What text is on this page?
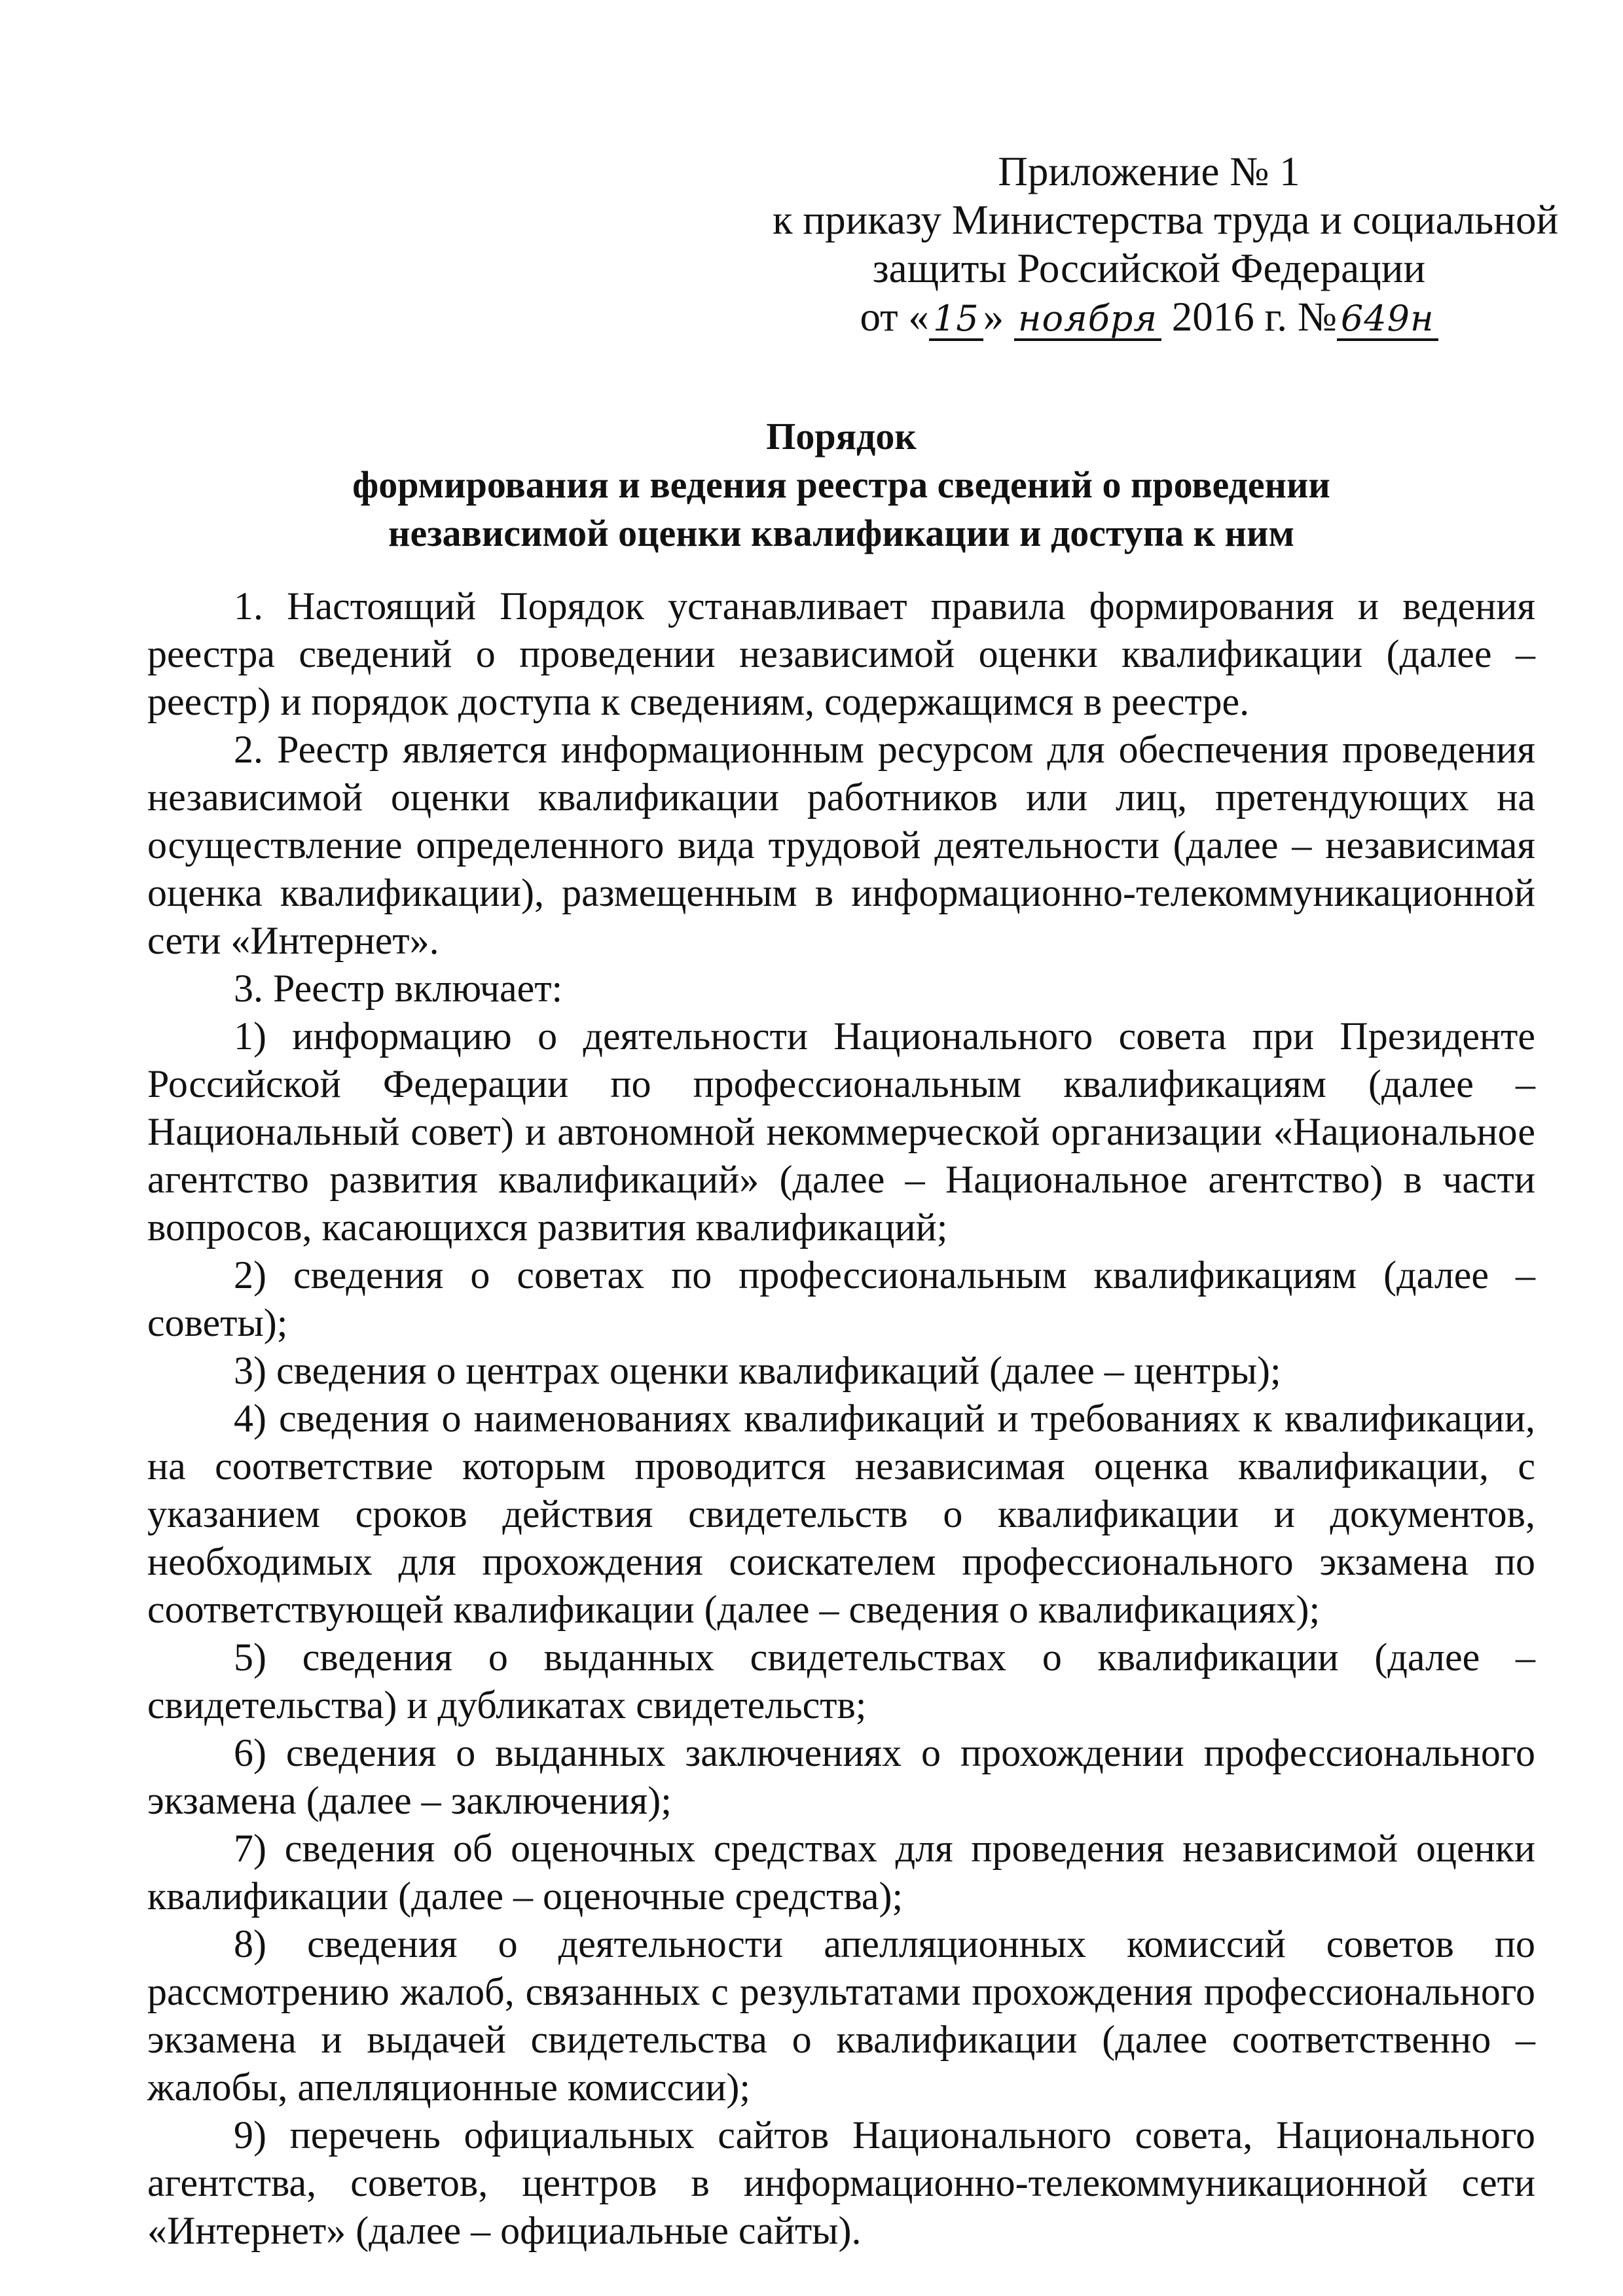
Приложение № 1
к приказу Министерства труда и социальной
защиты Российской Федерации
от « 15» ноября 2016 г. № 649н
Порядок
формирования и ведения реестра сведений о проведении
независимой оценки квалификации и доступа к ним

1. Настоящий Порядок устанавливает правила формирования и ведения реестра сведений о проведении независимой оценки квалификации (далее – реестр) и порядок доступа к сведениям, содержащимся в реестре.

2. Реестр является информационным ресурсом для обеспечения проведения независимой оценки квалификации работников или лиц, претендующих на осуществление определенного вида трудовой деятельности (далее – независимая оценка квалификации), размещенным в информационно-телекоммуникационной сети «Интернет».

3. Реестр включает:

1) информацию о деятельности Национального совета при Президенте Российской Федерации по профессиональным квалификациям (далее – Национальный совет) и автономной некоммерческой организации «Национальное агентство развития квалификаций» (далее – Национальное агентство) в части вопросов, касающихся развития квалификаций;

2) сведения о советах по профессиональным квалификациям (далее – советы);

3) сведения о центрах оценки квалификаций (далее – центры);

4) сведения о наименованиях квалификаций и требованиях к квалификации, на соответствие которым проводится независимая оценка квалификации, с указанием сроков действия свидетельств о квалификации и документов, необходимых для прохождения соискателем профессионального экзамена по соответствующей квалификации (далее – сведения о квалификациях);

5) сведения о выданных свидетельствах о квалификации (далее – свидетельства) и дубликатах свидетельств;

6) сведения о выданных заключениях о прохождении профессионального экзамена (далее – заключения);

7) сведения об оценочных средствах для проведения независимой оценки квалификации (далее – оценочные средства);

8) сведения о деятельности апелляционных комиссий советов по рассмотрению жалоб, связанных с результатами прохождения профессионального экзамена и выдачей свидетельства о квалификации (далее соответственно – жалобы, апелляционные комиссии);

9) перечень официальных сайтов Национального совета, Национального агентства, советов, центров в информационно-телекоммуникационной сети «Интернет» (далее – официальные сайты).
